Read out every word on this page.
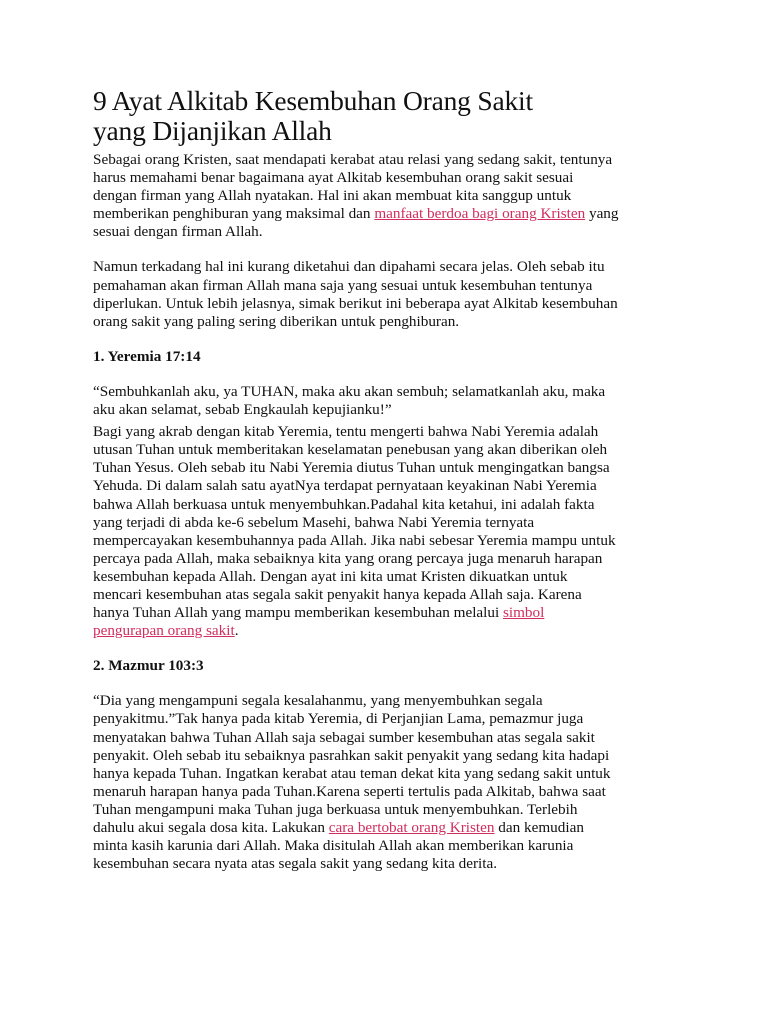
9 Ayat Alkitab Kesembuhan Orang Sakit
yang Dijanjikan Allah

Sebagai orang Kristen, saat mendapati kerabat atau relasi yang sedang sakit, tentunya
harus memahami benar bagaimana ayat Alkitab kesembuhan orang sakit sesuai
dengan firman yang Allah nyatakan. Hal ini akan membuat kita sanggup untuk
memberikan penghiburan yang maksimal dan manfaat berdoa bagi orang Kristen yang
sesuai dengan firman Allah.

Namun terkadang hal ini kurang diketahui dan dipahami secara jelas. Oleh sebab itu
pemahaman akan firman Allah mana saja yang sesuai untuk kesembuhan tentunya
diperlukan. Untuk lebih jelasnya, simak berikut ini beberapa ayat Alkitab kesembuhan
orang sakit yang paling sering diberikan untuk penghiburan.

1. Yeremia 17:14

“Sembuhkanlah aku, ya TUHAN, maka aku akan sembuh; selamatkanlah aku, maka
aku akan selamat, sebab Engkaulah kepujianku!”

Bagi yang akrab dengan kitab Yeremia, tentu mengerti bahwa Nabi Yeremia adalah
utusan Tuhan untuk memberitakan keselamatan penebusan yang akan diberikan oleh
Tuhan Yesus. Oleh sebab itu Nabi Yeremia diutus Tuhan untuk mengingatkan bangsa
Yehuda. Di dalam salah satu ayatNya terdapat pernyataan keyakinan Nabi Yeremia
bahwa Allah berkuasa untuk menyembuhkan.Padahal kita ketahui, ini adalah fakta
yang terjadi di abda ke-6 sebelum Masehi, bahwa Nabi Yeremia ternyata
mempercayakan kesembuhannya pada Allah. Jika nabi sebesar Yeremia mampu untuk
percaya pada Allah, maka sebaiknya kita yang orang percaya juga menaruh harapan
kesembuhan kepada Allah. Dengan ayat ini kita umat Kristen dikuatkan untuk
mencari kesembuhan atas segala sakit penyakit hanya kepada Allah saja. Karena
hanya Tuhan Allah yang mampu memberikan kesembuhan melalui simbol
pengurapan orang sakit.

2. Mazmur 103:3

“Dia yang mengampuni segala kesalahanmu, yang menyembuhkan segala
penyakitmu.”Tak hanya pada kitab Yeremia, di Perjanjian Lama, pemazmur juga
menyatakan bahwa Tuhan Allah saja sebagai sumber kesembuhan atas segala sakit
penyakit. Oleh sebab itu sebaiknya pasrahkan sakit penyakit yang sedang kita hadapi
hanya kepada Tuhan. Ingatkan kerabat atau teman dekat kita yang sedang sakit untuk
menaruh harapan hanya pada Tuhan.Karena seperti tertulis pada Alkitab, bahwa saat
Tuhan mengampuni maka Tuhan juga berkuasa untuk menyembuhkan. Terlebih
dahulu akui segala dosa kita. Lakukan cara bertobat orang Kristen dan kemudian
minta kasih karunia dari Allah. Maka disitulah Allah akan memberikan karunia
kesembuhan secara nyata atas segala sakit yang sedang kita derita.
